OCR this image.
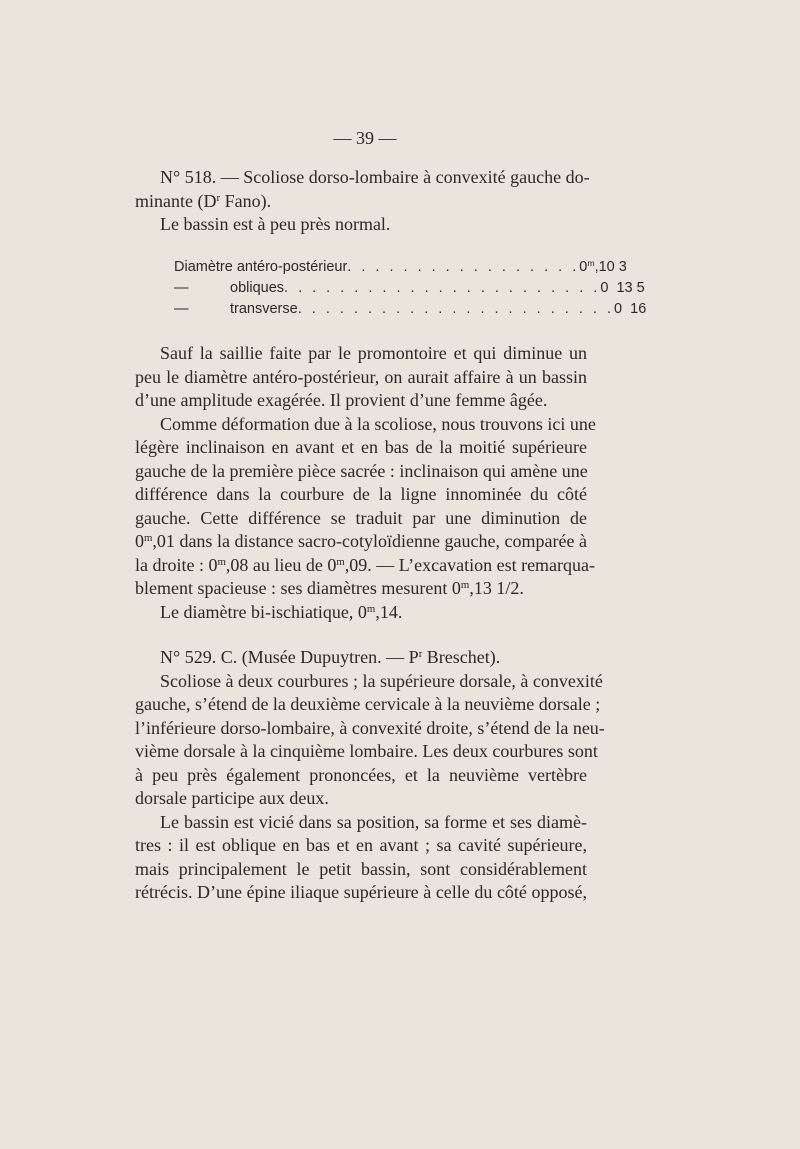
— 39 —
N° 518. — Scoliose dorso-lombaire à convexité gauche do-
minante ($D^r$ Fano).
Le bassin est à peu près normal.
Diamètre antéro-postérieur . . . . . . . . . . . . . . . . . 0$^m$,10 3
—	obliques . . . . . . . . . . . . . . . . . . . . . . . 0  13 5
—	transverse . . . . . . . . . . . . . . . . . . . . . . . 0  16
Sauf la saillie faite par le promontoire et qui diminue un
peu le diamètre antéro-postérieur, on aurait affaire à un bassin
d’une amplitude exagérée. Il provient d’une femme âgée.
Comme déformation due à la scoliose, nous trouvons ici une
légère inclinaison en avant et en bas de la moitié supérieure
gauche de la première pièce sacrée : inclinaison qui amène une
différence dans la courbure de la ligne innominée du côté
gauche. Cette différence se traduit par une diminution de
0$^m$,01 dans la distance sacro-cotyloïdienne gauche, comparée à
la droite : 0$^m$,08 au lieu de 0$^m$,09. — L’excavation est remarqua-
blement spacieuse : ses diamètres mesurent 0$^m$,13 1/2.
Le diamètre bi-ischiatique, 0$^m$,14.
N° 529. C. (Musée Dupuytren. — $P^r$ Breschet).
Scoliose à deux courbures ; la supérieure dorsale, à convexité
gauche, s’étend de la deuxième cervicale à la neuvième dorsale ;
l’inférieure dorso-lombaire, à convexité droite, s’étend de la neu-
vième dorsale à la cinquième lombaire. Les deux courbures sont
à peu près également prononcées, et la neuvième vertèbre
dorsale participe aux deux.
Le bassin est vicié dans sa position, sa forme et ses diamè-
tres : il est oblique en bas et en avant ; sa cavité supérieure,
mais principalement le petit bassin, sont considérablement
rétrécis. D’une épine iliaque supérieure à celle du côté opposé,
